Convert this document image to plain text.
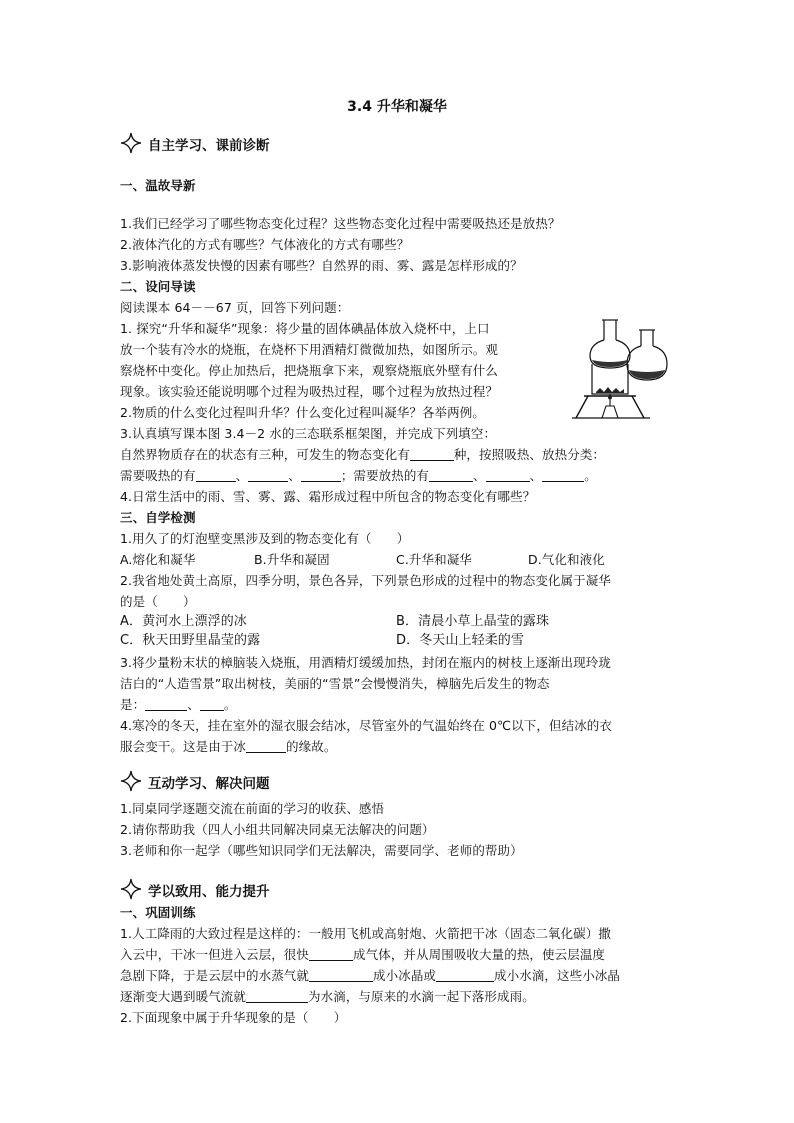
3.4 升华和凝华
自主学习、课前诊断
一、温故导新
1.我们已经学习了哪些物态变化过程？这些物态变化过程中需要吸热还是放热？
2.液体汽化的方式有哪些？气体液化的方式有哪些？
3.影响液体蒸发快慢的因素有哪些？自然界的雨、雾、露是怎样形成的？
二、设问导读
阅读课本 64－－67 页，回答下列问题：
1. 探究“升华和凝华”现象：将少量的固体碘晶体放入烧杯中，上口
放一个装有冷水的烧瓶，在烧杯下用酒精灯微微加热，如图所示。观
察烧杯中变化。停止加热后，把烧瓶拿下来，观察烧瓶底外壁有什么
现象。该实验还能说明哪个过程为吸热过程，哪个过程为放热过程？
2.物质的什么变化过程叫升华？什么变化过程叫凝华？各举两例。
3.认真填写课本图 3.4－2 水的三态联系框架图，并完成下列填空：
自然界物质存在的状态有三种，可发生的物态变化有	种，按照吸热、放热分类：
需要吸热的有	、	、	；需要放热的有	、	、	。
4.日常生活中的雨、雪、雾、露、霜形成过程中所包含的物态变化有哪些？
三、自学检测
1.用久了的灯泡壁变黑涉及到的物态变化有（　　）
A.熔化和凝华	B.升华和凝固	C.升华和凝华	D.气化和液化
2.我省地处黄土高原，四季分明，景色各异，下列景色形成的过程中的物态变化属于凝华
的是（　　）
A．黄河水上漂浮的冰	B．清晨小草上晶莹的露珠
C．秋天田野里晶莹的露	D．冬天山上轻柔的雪
3.将少量粉末状的樟脑装入烧瓶，用酒精灯缓缓加热，封闭在瓶内的树枝上逐渐出现玲珑
洁白的“人造雪景”取出树枝，美丽的“雪景”会慢慢消失，樟脑先后发生的物态
是：	、 。
4.寒冷的冬天，挂在室外的湿衣服会结冰，尽管室外的气温始终在 0℃以下，但结冰的衣
服会变干。这是由于冰	的缘故。
互动学习、解决问题
1.同桌同学逐题交流在前面的学习的收获、感悟
2.请你帮助我（四人小组共同解决同桌无法解决的问题）
3.老师和你一起学（哪些知识同学们无法解决，需要同学、老师的帮助）
学以致用、能力提升
一、巩固训练
1.人工降雨的大致过程是这样的：一般用飞机或高射炮、火箭把干冰（固态二氧化碳）撒
入云中，干冰一但进入云层，很快	成气体，并从周围吸收大量的热，使云层温度
急剧下降，于是云层中的水蒸气就	成小冰晶或	成小水滴，这些小冰晶
逐渐变大遇到暖气流就	为水滴，与原来的水滴一起下落形成雨。
2.下面现象中属于升华现象的是（　　）
